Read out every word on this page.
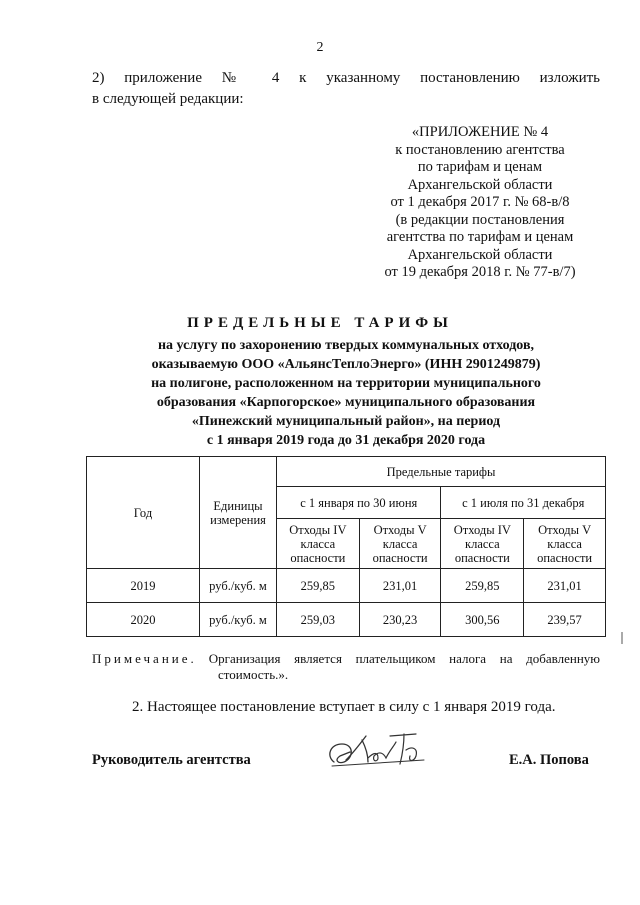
2
2) приложение № 4 к указанному постановлению изложить
в следующей редакции:
«ПРИЛОЖЕНИЕ № 4
к постановлению агентства
по тарифам и ценам
Архангельской области
от 1 декабря 2017 г. № 68-в/8
(в редакции постановления
агентства по тарифам и ценам
Архангельской области
от 19 декабря 2018 г. № 77-в/7)
ПРЕДЕЛЬНЫЕ ТАРИФЫ
на услугу по захоронению твердых коммунальных отходов,
оказываемую ООО «АльянсТеплоЭнерго» (ИНН 2901249879)
на полигоне, расположенном на территории муниципального
образования «Карпогорское» муниципального образования
«Пинежский муниципальный район», на период
с 1 января 2019 года до 31 декабря 2020 года
Год	Единицы измерения	Предельные тарифы			
		с 1 января по 30 июня		с 1 июля по 31 декабря	
		Отходы IV класса опасности	Отходы V класса опасности	Отходы IV класса опасности	Отходы V класса опасности
2019	руб./куб. м	259,85	231,01	259,85	231,01
2020	руб./куб. м	259,03	230,23	300,56	239,57
Примечание. Организация является плательщиком налога на добавленную
стоимость.».
2. Настоящее постановление вступает в силу с 1 января 2019 года.
Руководитель агентства	Е.А. Попова
